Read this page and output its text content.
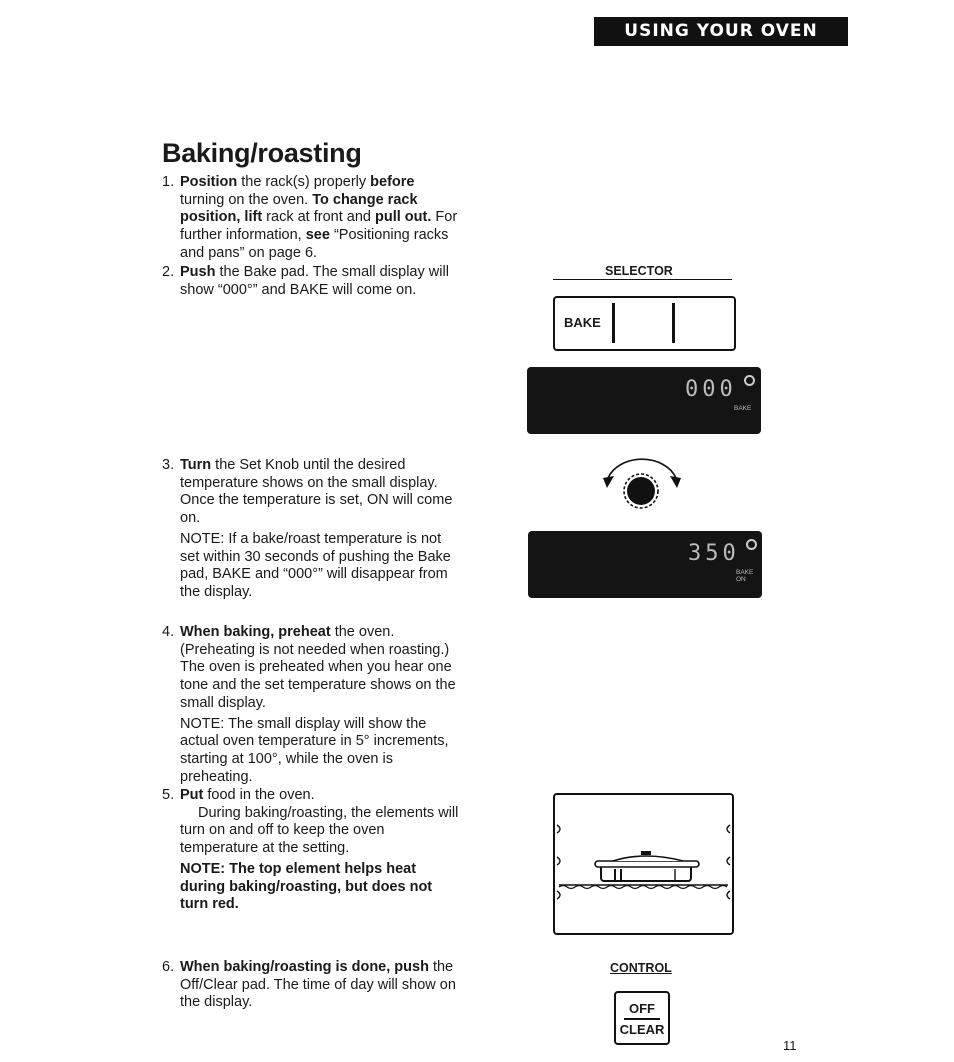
USING YOUR OVEN
Baking/roasting
1. Position the rack(s) properly before turning on the oven. To change rack position, lift rack at front and pull out. For further information, see “Positioning racks and pans” on page 6.

2. Push the Bake pad. The small display will show “000°” and BAKE will come on.

3. Turn the Set Knob until the desired temperature shows on the small display. Once the temperature is set, ON will come on.

NOTE: If a bake/roast temperature is not set within 30 seconds of pushing the Bake pad, BAKE and “000°” will disappear from the display.

4. When baking, preheat the oven. (Preheating is not needed when roasting.) The oven is preheated when you hear one tone and the set temperature shows on the small display.

NOTE: The small display will show the actual oven temperature in 5° increments, starting at 100°, while the oven is preheating.

5. Put food in the oven.

During baking/roasting, the elements will turn on and off to keep the oven temperature at the setting.

NOTE: The top element helps heat during baking/roasting, but does not turn red.

6. When baking/roasting is done, push the Off/Clear pad. The time of day will show on the display.

SELECTOR
BAKE
000
BAKE
350
BAKE
ON
CONTROL
OFF
CLEAR
11
